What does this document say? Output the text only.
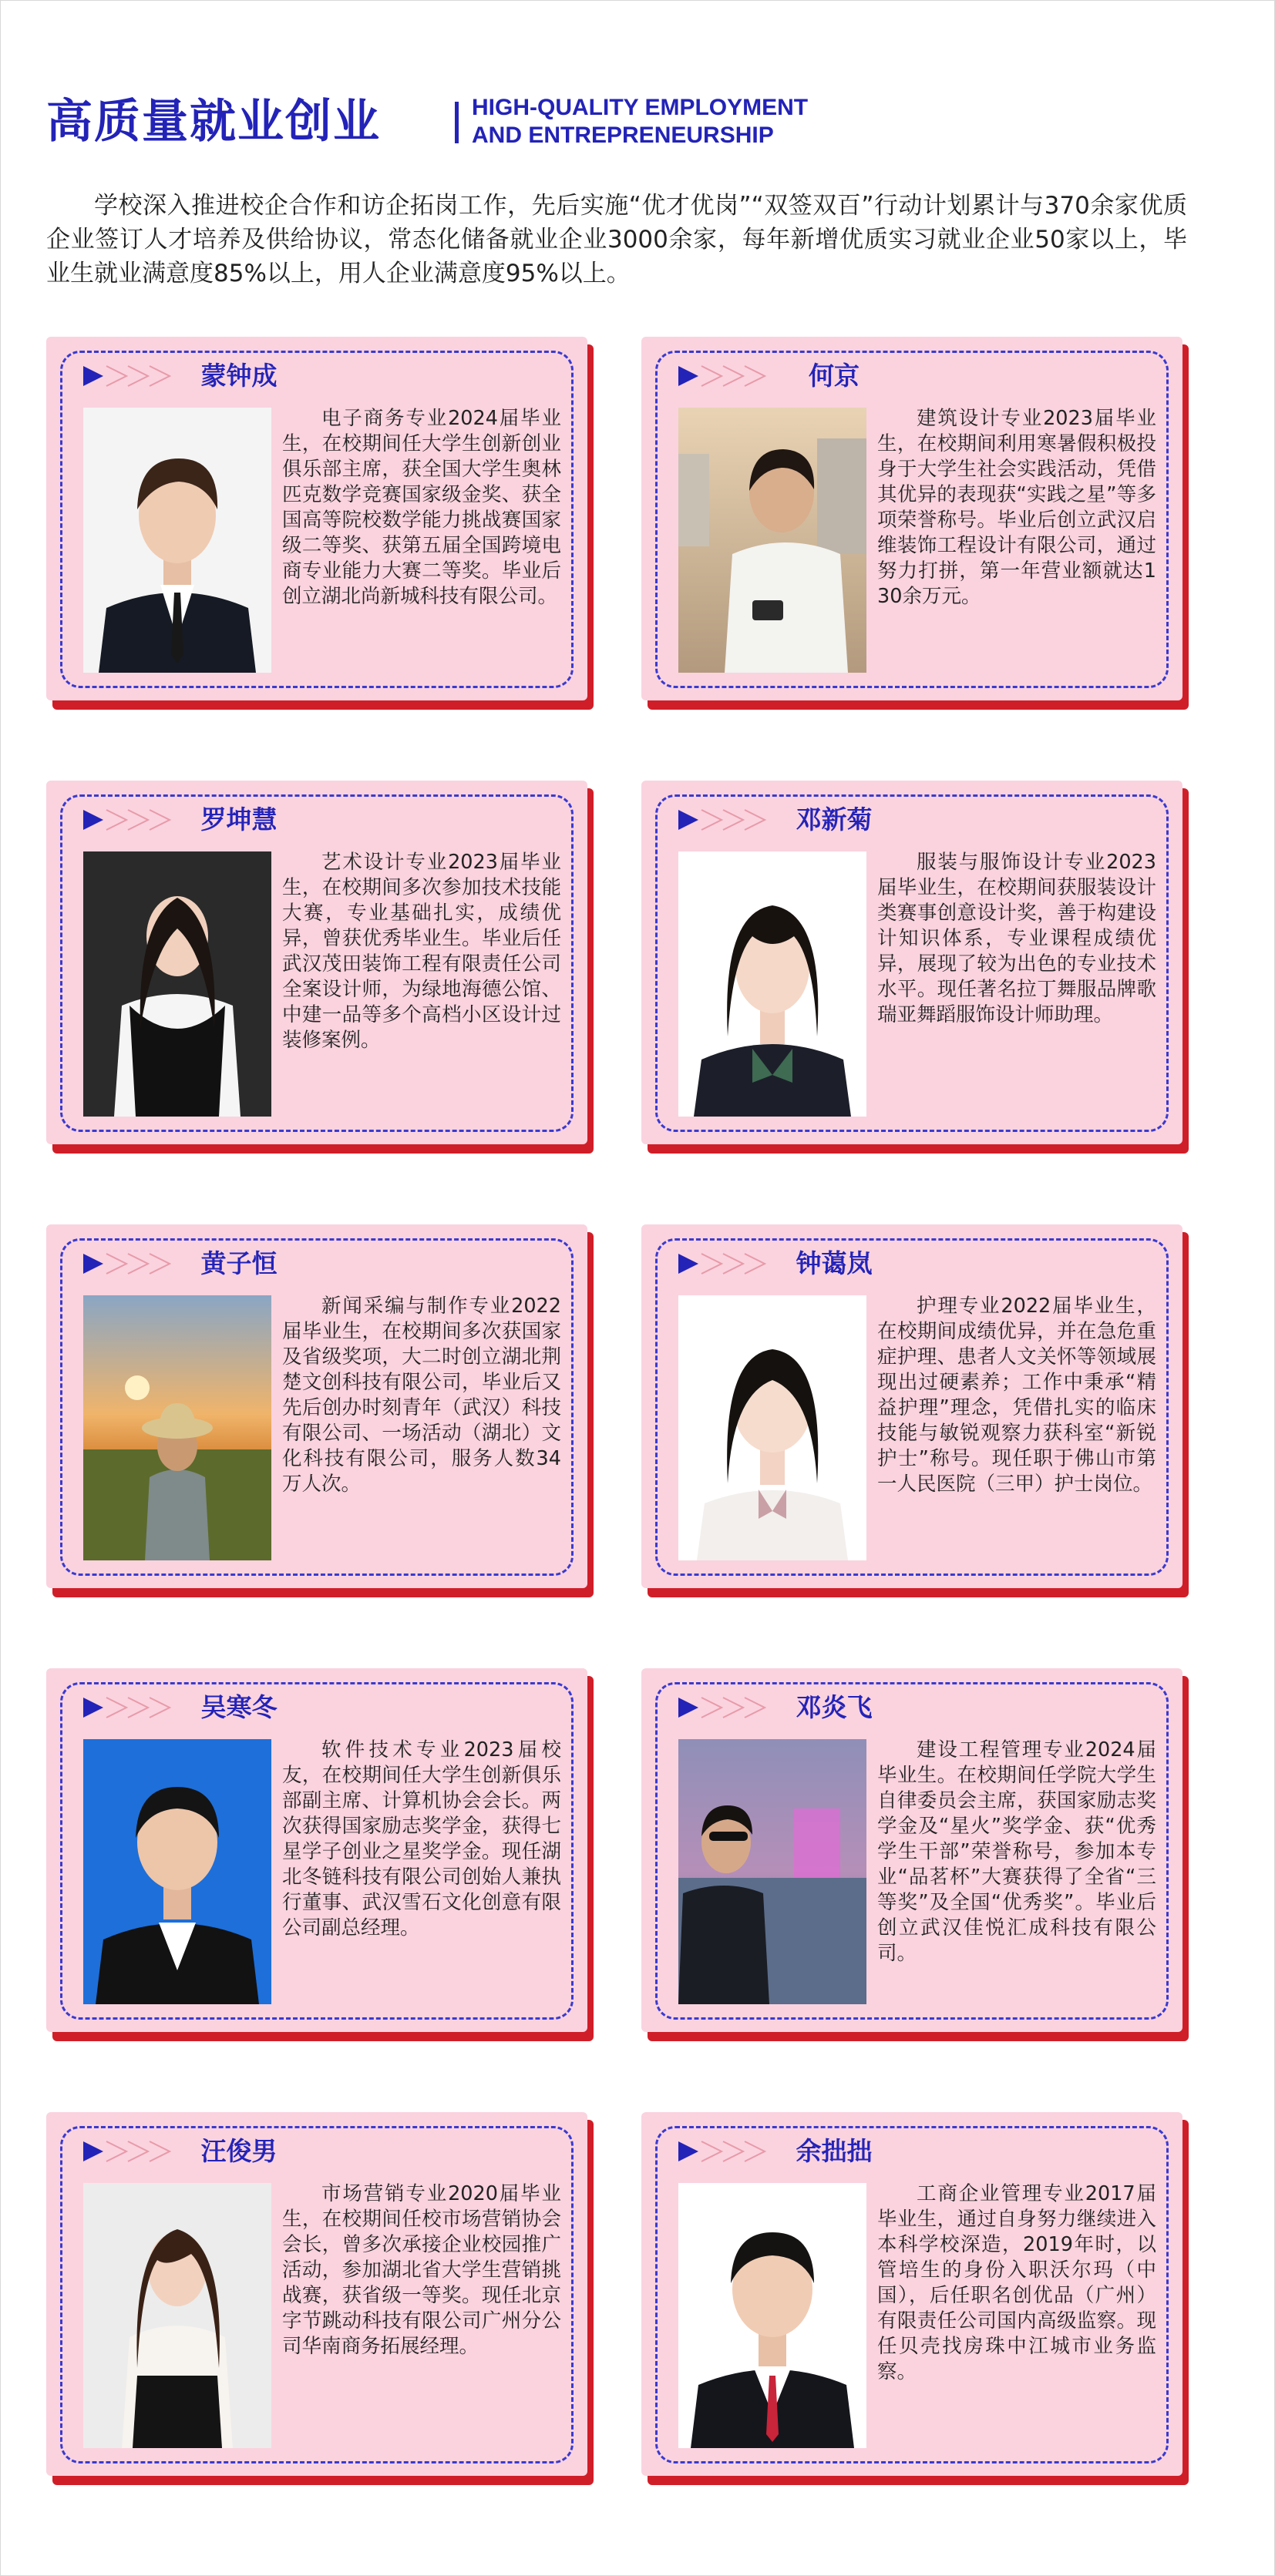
高质量就业创业	HIGH-QUALITY EMPLOYMENT
AND ENTREPRENEURSHIP
学校深入推进校企合作和访企拓岗工作，先后实施“优才优岗”“双签双百”行动计划累计与370余家优质企业签订人才培养及供给协议，常态化储备就业企业3000余家，每年新增优质实习就业企业50家以上，毕业生就业满意度85%以上，用人企业满意度95%以上。
蒙钟成
电子商务专业2024届毕业生，在校期间任大学生创新创业俱乐部主席，获全国大学生奥林匹克数学竞赛国家级金奖、获全国高等院校数学能力挑战赛国家级二等奖、获第五届全国跨境电商专业能力大赛二等奖。毕业后创立湖北尚新城科技有限公司。
何京
建筑设计专业2023届毕业生，在校期间利用寒暑假积极投身于大学生社会实践活动，凭借其优异的表现获“实践之星”等多项荣誉称号。毕业后创立武汉启维装饰工程设计有限公司，通过努力打拼，第一年营业额就达130余万元。
罗坤慧
艺术设计专业2023届毕业生，在校期间多次参加技术技能大赛，专业基础扎实，成绩优异，曾获优秀毕业生。毕业后任武汉茂田装饰工程有限责任公司全案设计师，为绿地海德公馆、中建一品等多个高档小区设计过装修案例。
邓新菊
服装与服饰设计专业2023届毕业生，在校期间获服装设计类赛事创意设计奖，善于构建设计知识体系，专业课程成绩优异，展现了较为出色的专业技术水平。现任著名拉丁舞服品牌歌瑞亚舞蹈服饰设计师助理。
黄子恒
新闻采编与制作专业2022届毕业生，在校期间多次获国家及省级奖项，大二时创立湖北荆楚文创科技有限公司，毕业后又先后创办时刻青年（武汉）科技有限公司、一场活动（湖北）文化科技有限公司，服务人数34万人次。
钟蔼岚
护理专业2022届毕业生，在校期间成绩优异，并在急危重症护理、患者人文关怀等领域展现出过硬素养；工作中秉承“精益护理”理念，凭借扎实的临床技能与敏锐观察力获科室“新锐护士”称号。现任职于佛山市第一人民医院（三甲）护士岗位。
吴寒冬
软件技术专业2023届校友，在校期间任大学生创新俱乐部副主席、计算机协会会长。两次获得国家励志奖学金，获得七星学子创业之星奖学金。现任湖北冬链科技有限公司创始人兼执行董事、武汉雪石文化创意有限公司副总经理。
邓炎飞
建设工程管理专业2024届毕业生。在校期间任学院大学生自律委员会主席，获国家励志奖学金及“星火”奖学金、获“优秀学生干部”荣誉称号，参加本专业“品茗杯”大赛获得了全省“三等奖”及全国“优秀奖”。毕业后创立武汉佳悦汇成科技有限公司。
汪俊男
市场营销专业2020届毕业生，在校期间任校市场营销协会会长，曾多次承接企业校园推广活动，参加湖北省大学生营销挑战赛，获省级一等奖。现任北京字节跳动科技有限公司广州分公司华南商务拓展经理。
余拙拙
工商企业管理专业2017届毕业生，通过自身努力继续进入本科学校深造，2019年时，以管培生的身份入职沃尔玛（中国），后任职名创优品（广州）有限责任公司国内高级监察。现任贝壳找房珠中江城市业务监察。
